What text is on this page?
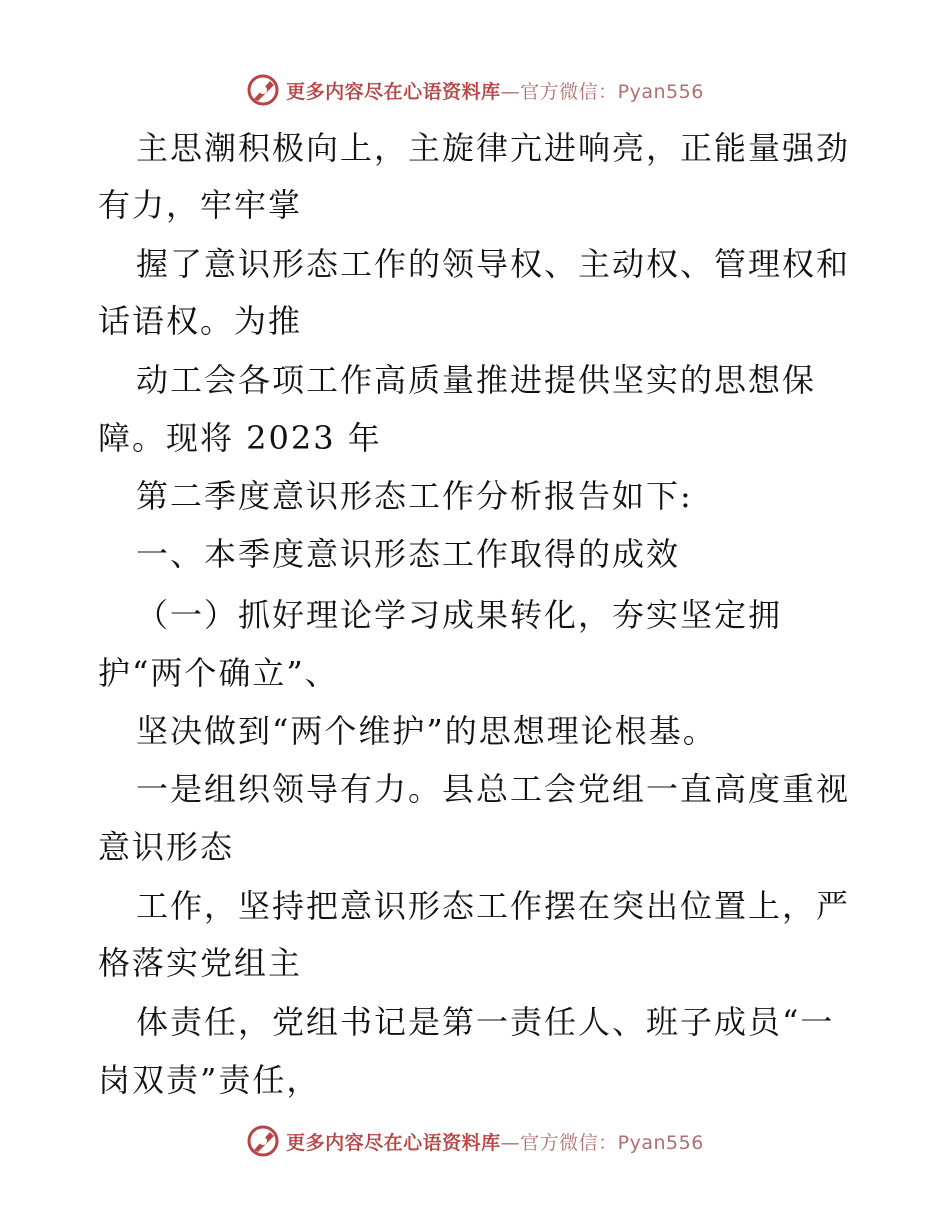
更多内容尽在心语资料库—官方微信：Pyan556
主思潮积极向上，主旋律亢进响亮，正能量强劲
有力，牢牢掌
握了意识形态工作的领导权、主动权、管理权和
话语权。为推
动工会各项工作高质量推进提供坚实的思想保
障。现将 2023 年
第二季度意识形态工作分析报告如下:
一、本季度意识形态工作取得的成效
（一）抓好理论学习成果转化，夯实坚定拥
护“两个确立”、
坚决做到“两个维护”的思想理论根基。
一是组织领导有力。县总工会党组一直高度重视
意识形态
工作，坚持把意识形态工作摆在突出位置上，严
格落实党组主
体责任，党组书记是第一责任人、班子成员“一
岗双责”责任，
更多内容尽在心语资料库—官方微信：Pyan556
